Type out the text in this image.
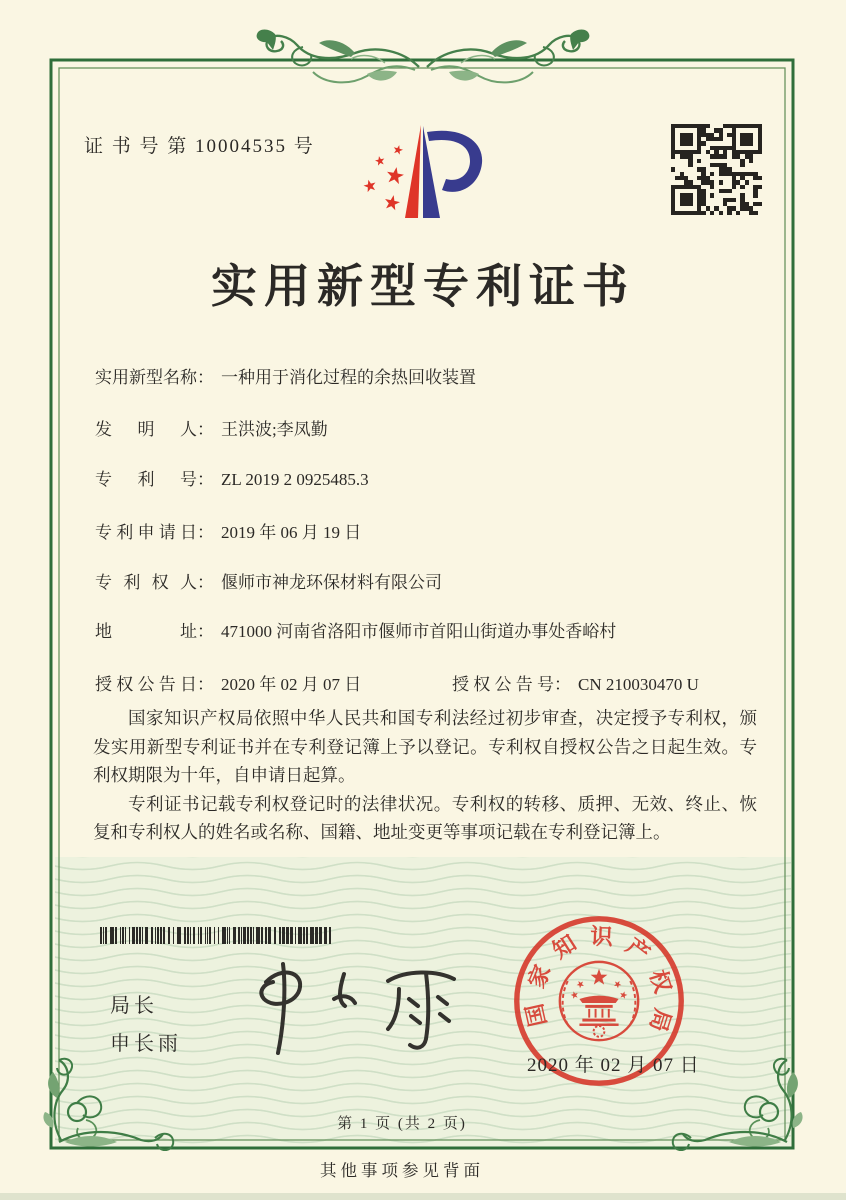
证 书 号 第 10004535 号
实用新型专利证书
实用新型名称： 一种用于消化过程的余热回收装置
发明人： 王洪波;李凤勤
专利号： ZL 2019 2 0925485.3
专利申请日： 2019 年 06 月 19 日
专利权人： 偃师市神龙环保材料有限公司
地址： 471000 河南省洛阳市偃师市首阳山街道办事处香峪村
授权公告日： 2020 年 02 月 07 日	授权公告号： CN 210030470 U

国家知识产权局依照中华人民共和国专利法经过初步审查，决定授予专利权，颁发实用新型专利证书并在专利登记簿上予以登记。专利权自授权公告之日起生效。专利权期限为十年，自申请日起算。

专利证书记载专利权登记时的法律状况。专利权的转移、质押、无效、终止、恢复和专利权人的姓名或名称、国籍、地址变更等事项记载在专利登记簿上。

局长
申长雨
国家知识产权局
2020 年 02 月 07 日
第 1 页 (共 2 页)
其他事项参见背面
